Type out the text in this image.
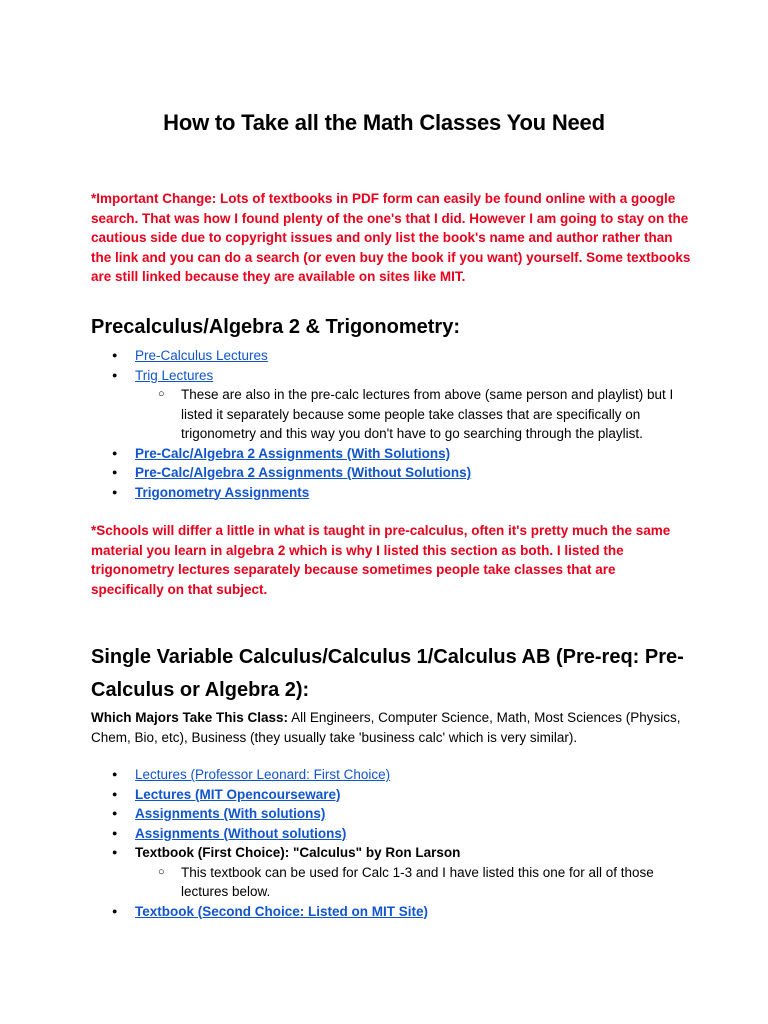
How to Take all the Math Classes You Need
*Important Change: Lots of textbooks in PDF form can easily be found online with a google search. That was how I found plenty of the one's that I did. However I am going to stay on the cautious side due to copyright issues and only list the book's name and author rather than the link and you can do a search (or even buy the book if you want) yourself. Some textbooks are still linked because they are available on sites like MIT.
Precalculus/Algebra 2 & Trigonometry:
● Pre-Calculus Lectures
● Trig Lectures
○ These are also in the pre-calc lectures from above (same person and playlist) but I listed it separately because some people take classes that are specifically on trigonometry and this way you don't have to go searching through the playlist.
● Pre-Calc/Algebra 2 Assignments (With Solutions)
● Pre-Calc/Algebra 2 Assignments (Without Solutions)
● Trigonometry Assignments
*Schools will differ a little in what is taught in pre-calculus, often it's pretty much the same material you learn in algebra 2 which is why I listed this section as both. I listed the trigonometry lectures separately because sometimes people take classes that are specifically on that subject.
Single Variable Calculus/Calculus 1/Calculus AB (Pre-req: Pre-Calculus or Algebra 2):
Which Majors Take This Class: All Engineers, Computer Science, Math, Most Sciences (Physics, Chem, Bio, etc), Business (they usually take 'business calc' which is very similar).
● Lectures (Professor Leonard: First Choice)
● Lectures (MIT Opencourseware)
● Assignments (With solutions)
● Assignments (Without solutions)
● Textbook (First Choice): "Calculus" by Ron Larson
○ This textbook can be used for Calc 1-3 and I have listed this one for all of those lectures below.
● Textbook (Second Choice: Listed on MIT Site)
